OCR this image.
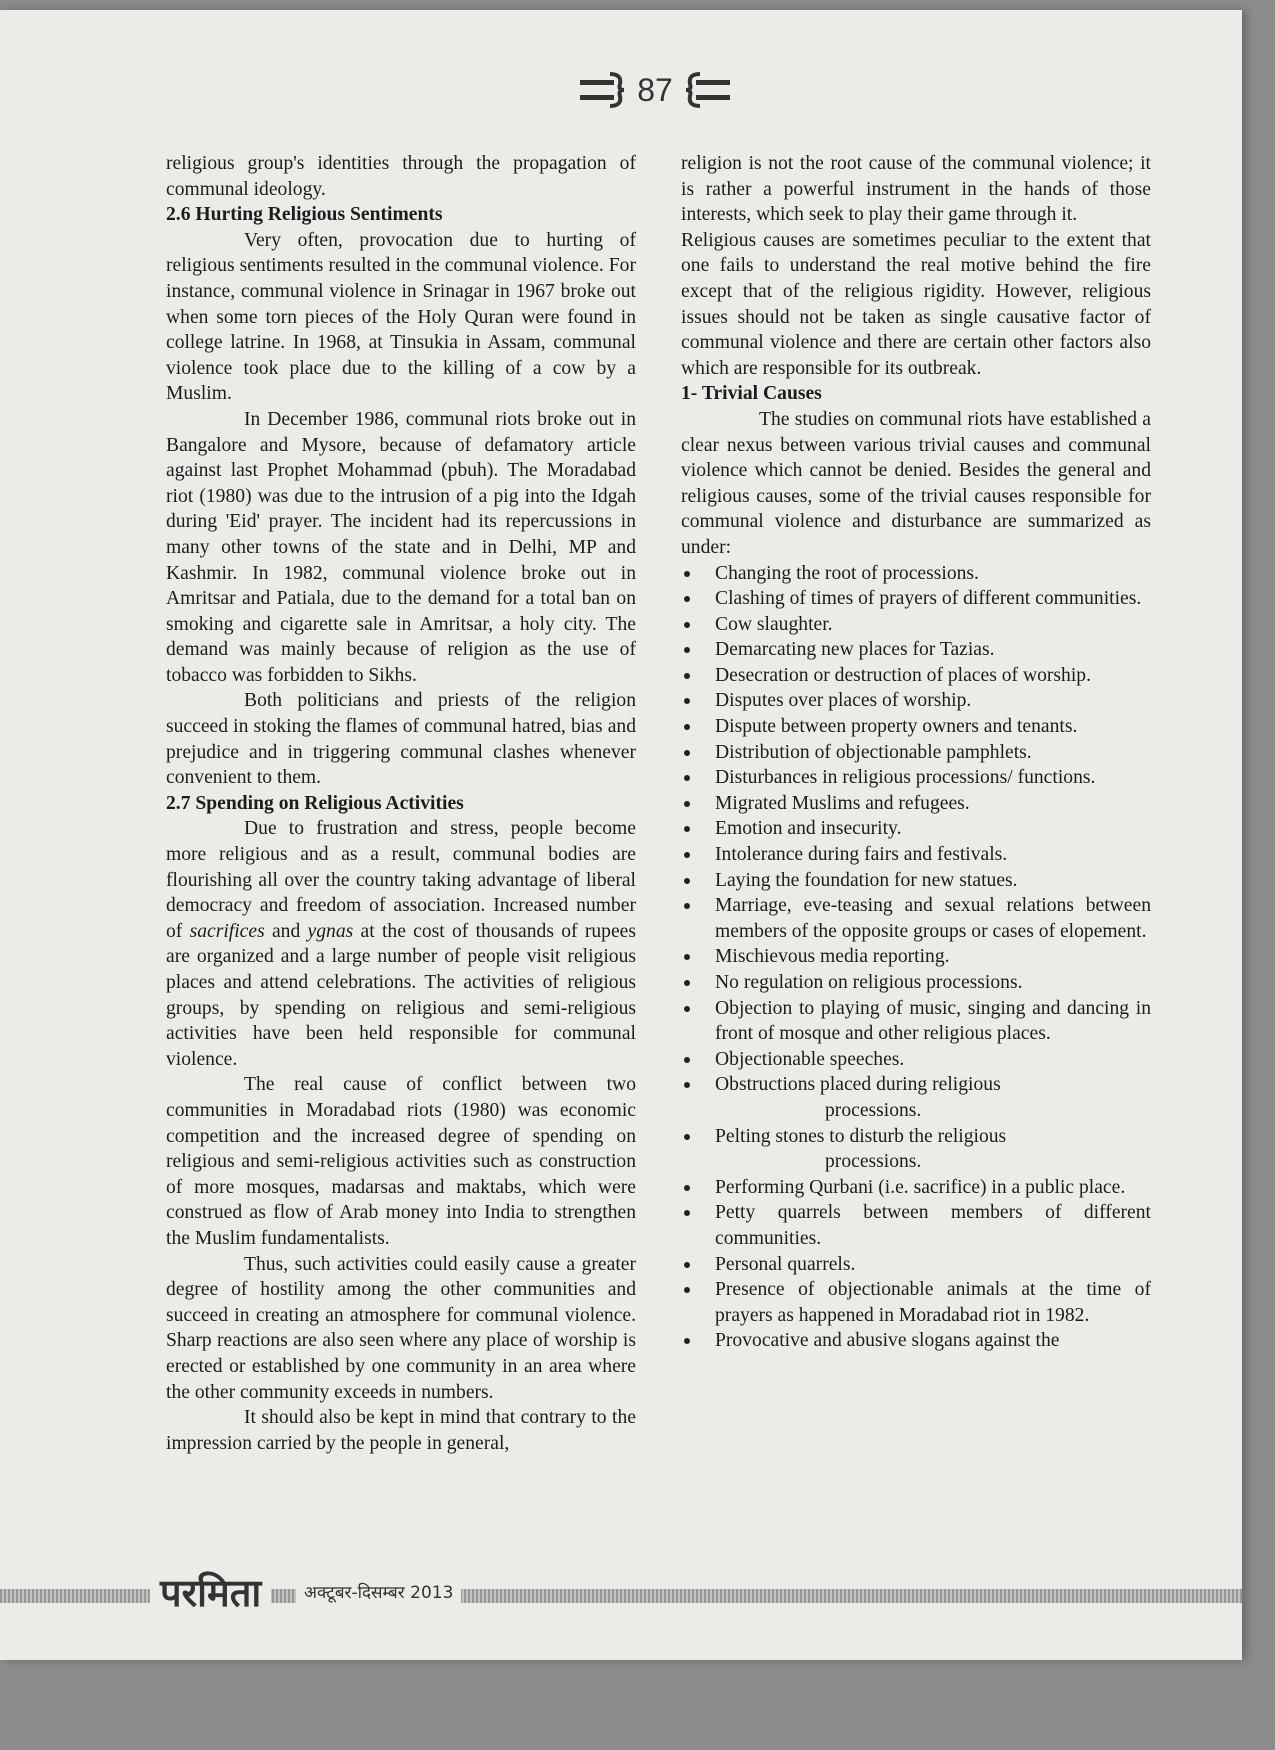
87

religious group's identities through the propagation of communal ideology.

2.6 Hurting Religious Sentiments

Very often, provocation due to hurting of religious sentiments resulted in the communal violence. For instance, communal violence in Srinagar in 1967 broke out when some torn pieces of the Holy Quran were found in college latrine. In 1968, at Tinsukia in Assam, communal violence took place due to the killing of a cow by a Muslim.

In December 1986, communal riots broke out in Bangalore and Mysore, because of defamatory article against last Prophet Mohammad (pbuh). The Moradabad riot (1980) was due to the intrusion of a pig into the Idgah during 'Eid' prayer. The incident had its repercussions in many other towns of the state and in Delhi, MP and Kashmir. In 1982, communal violence broke out in Amritsar and Patiala, due to the demand for a total ban on smoking and cigarette sale in Amritsar, a holy city. The demand was mainly because of religion as the use of tobacco was forbidden to Sikhs.

Both politicians and priests of the religion succeed in stoking the flames of communal hatred, bias and prejudice and in triggering communal clashes whenever convenient to them.

2.7 Spending on Religious Activities

Due to frustration and stress, people become more religious and as a result, communal bodies are flourishing all over the country taking advantage of liberal democracy and freedom of association. Increased number of sacrifices and ygnas at the cost of thousands of rupees are organized and a large number of people visit religious places and attend celebrations. The activities of religious groups, by spending on religious and semi-religious activities have been held responsible for communal violence.

The real cause of conflict between two communities in Moradabad riots (1980) was economic competition and the increased degree of spending on religious and semi-religious activities such as construction of more mosques, madarsas and maktabs, which were construed as flow of Arab money into India to strengthen the Muslim fundamentalists.

Thus, such activities could easily cause a greater degree of hostility among the other communities and succeed in creating an atmosphere for communal violence. Sharp reactions are also seen where any place of worship is erected or established by one community in an area where the other community exceeds in numbers.

It should also be kept in mind that contrary to the impression carried by the people in general,

religion is not the root cause of the communal violence; it is rather a powerful instrument in the hands of those interests, which seek to play their game through it.

Religious causes are sometimes peculiar to the extent that one fails to understand the real motive behind the fire except that of the religious rigidity. However, religious issues should not be taken as single causative factor of communal violence and there are certain other factors also which are responsible for its outbreak.

1- Trivial Causes

The studies on communal riots have established a clear nexus between various trivial causes and communal violence which cannot be denied. Besides the general and religious causes, some of the trivial causes responsible for communal violence and disturbance are summarized as under:

Changing the root of processions.
Clashing of times of prayers of different communities.
Cow slaughter.
Demarcating new places for Tazias.
Desecration or destruction of places of worship.
Disputes over places of worship.
Dispute between property owners and tenants.
Distribution of objectionable pamphlets.
Disturbances in religious processions/ functions.
Migrated Muslims and refugees.
Emotion and insecurity.
Intolerance during fairs and festivals.
Laying the foundation for new statues.
Marriage, eve-teasing and sexual relations between members of the opposite groups or cases of elopement.
Mischievous media reporting.
No regulation on religious processions.
Objection to playing of music, singing and dancing in front of mosque and other religious places.
Objectionable speeches.
Obstructions placed during religious
processions.
Pelting stones to disturb the religious
processions.
Performing Qurbani (i.e. sacrifice) in a public place.
Petty quarrels between members of different communities.
Personal quarrels.
Presence of objectionable animals at the time of prayers as happened in Moradabad riot in 1982.
Provocative and abusive slogans against the
परमिता	अक्टूबर-दिसम्बर 2013
